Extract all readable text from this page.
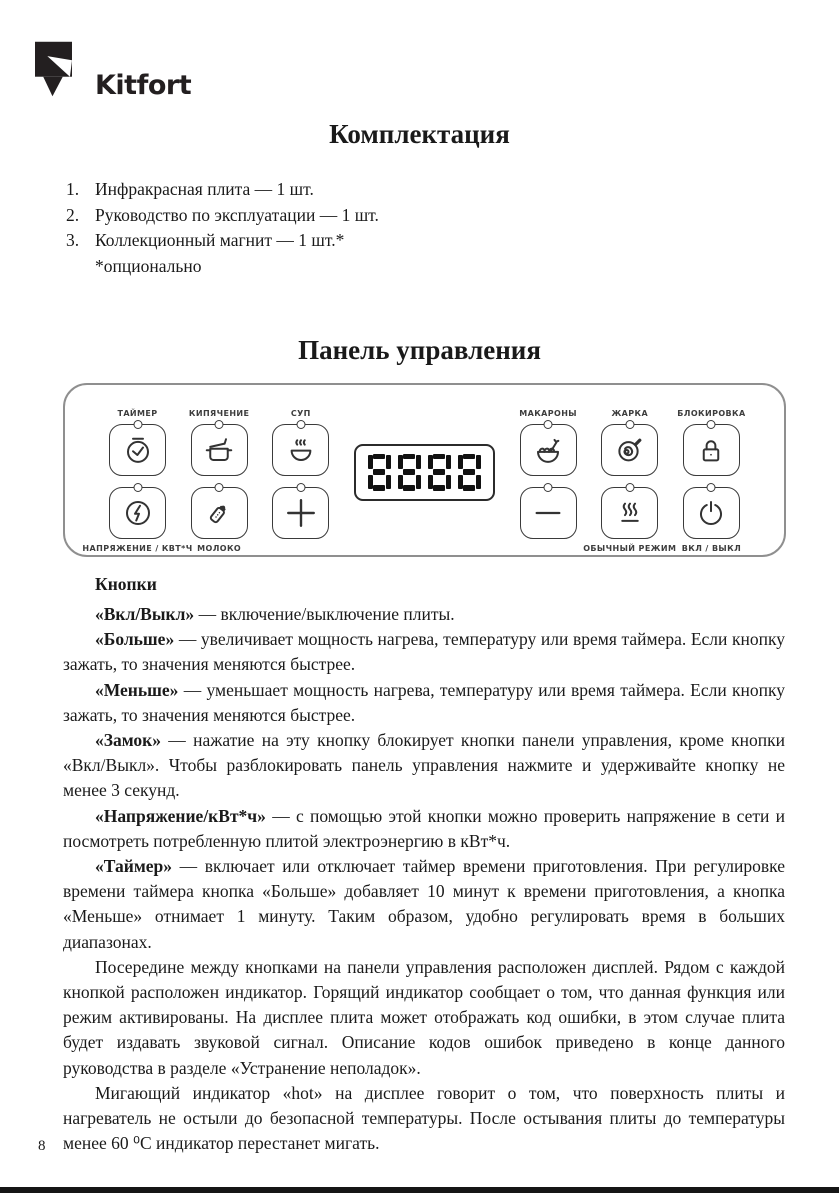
Kitfort
Комплектация
1. Инфракрасная плита — 1 шт.
2. Руководство по эксплуатации — 1 шт.
3. Коллекционный магнит — 1 шт.*
*опционально
Панель управления
ТАЙМЕР
НАПРЯЖЕНИЕ / КВТ*Ч
КИПЯЧЕНИЕ
МОЛОКО
СУП	МАКАРОНЫ	ЖАРКА
ОБЫЧНЫЙ РЕЖИМ
БЛОКИРОВКА
ВКЛ / ВЫКЛ
Кнопки

«Вкл/Выкл» — включение/выключение плиты.

«Больше» — увеличивает мощность нагрева, температуру или время таймера. Если кнопку зажать, то значения меняются быстрее.

«Меньше» — уменьшает мощность нагрева, температуру или время таймера. Если кнопку зажать, то значения меняются быстрее.

«Замок» — нажатие на эту кнопку блокирует кнопки панели управления, кроме кнопки «Вкл/Выкл». Чтобы разблокировать панель управления нажмите и удерживайте кнопку не менее 3 секунд.

«Напряжение/кВт*ч» — с помощью этой кнопки можно проверить напряжение в сети и посмотреть потребленную плитой электроэнергию в кВт*ч.

«Таймер» — включает или отключает таймер времени приготовления. При регулировке времени таймера кнопка «Больше» добавляет 10 минут к времени приготовления, а кнопка «Меньше» отнимает 1 минуту. Таким образом, удобно регулировать время в больших диапазонах.

Посередине между кнопками на панели управления расположен дисплей. Рядом с каждой кнопкой расположен индикатор. Горящий индикатор сообщает о том, что данная функция или режим активированы. На дисплее плита может отображать код ошибки, в этом случае плита будет издавать звуковой сигнал. Описание кодов ошибок приведено в конце данного руководства в разделе «Устранение неполадок».

Мигающий индикатор «hot» на дисплее говорит о том, что поверхность плиты и нагреватель не остыли до безопасной температуры. После остывания плиты до температуры менее 60 ⁰С индикатор перестанет мигать.

8
